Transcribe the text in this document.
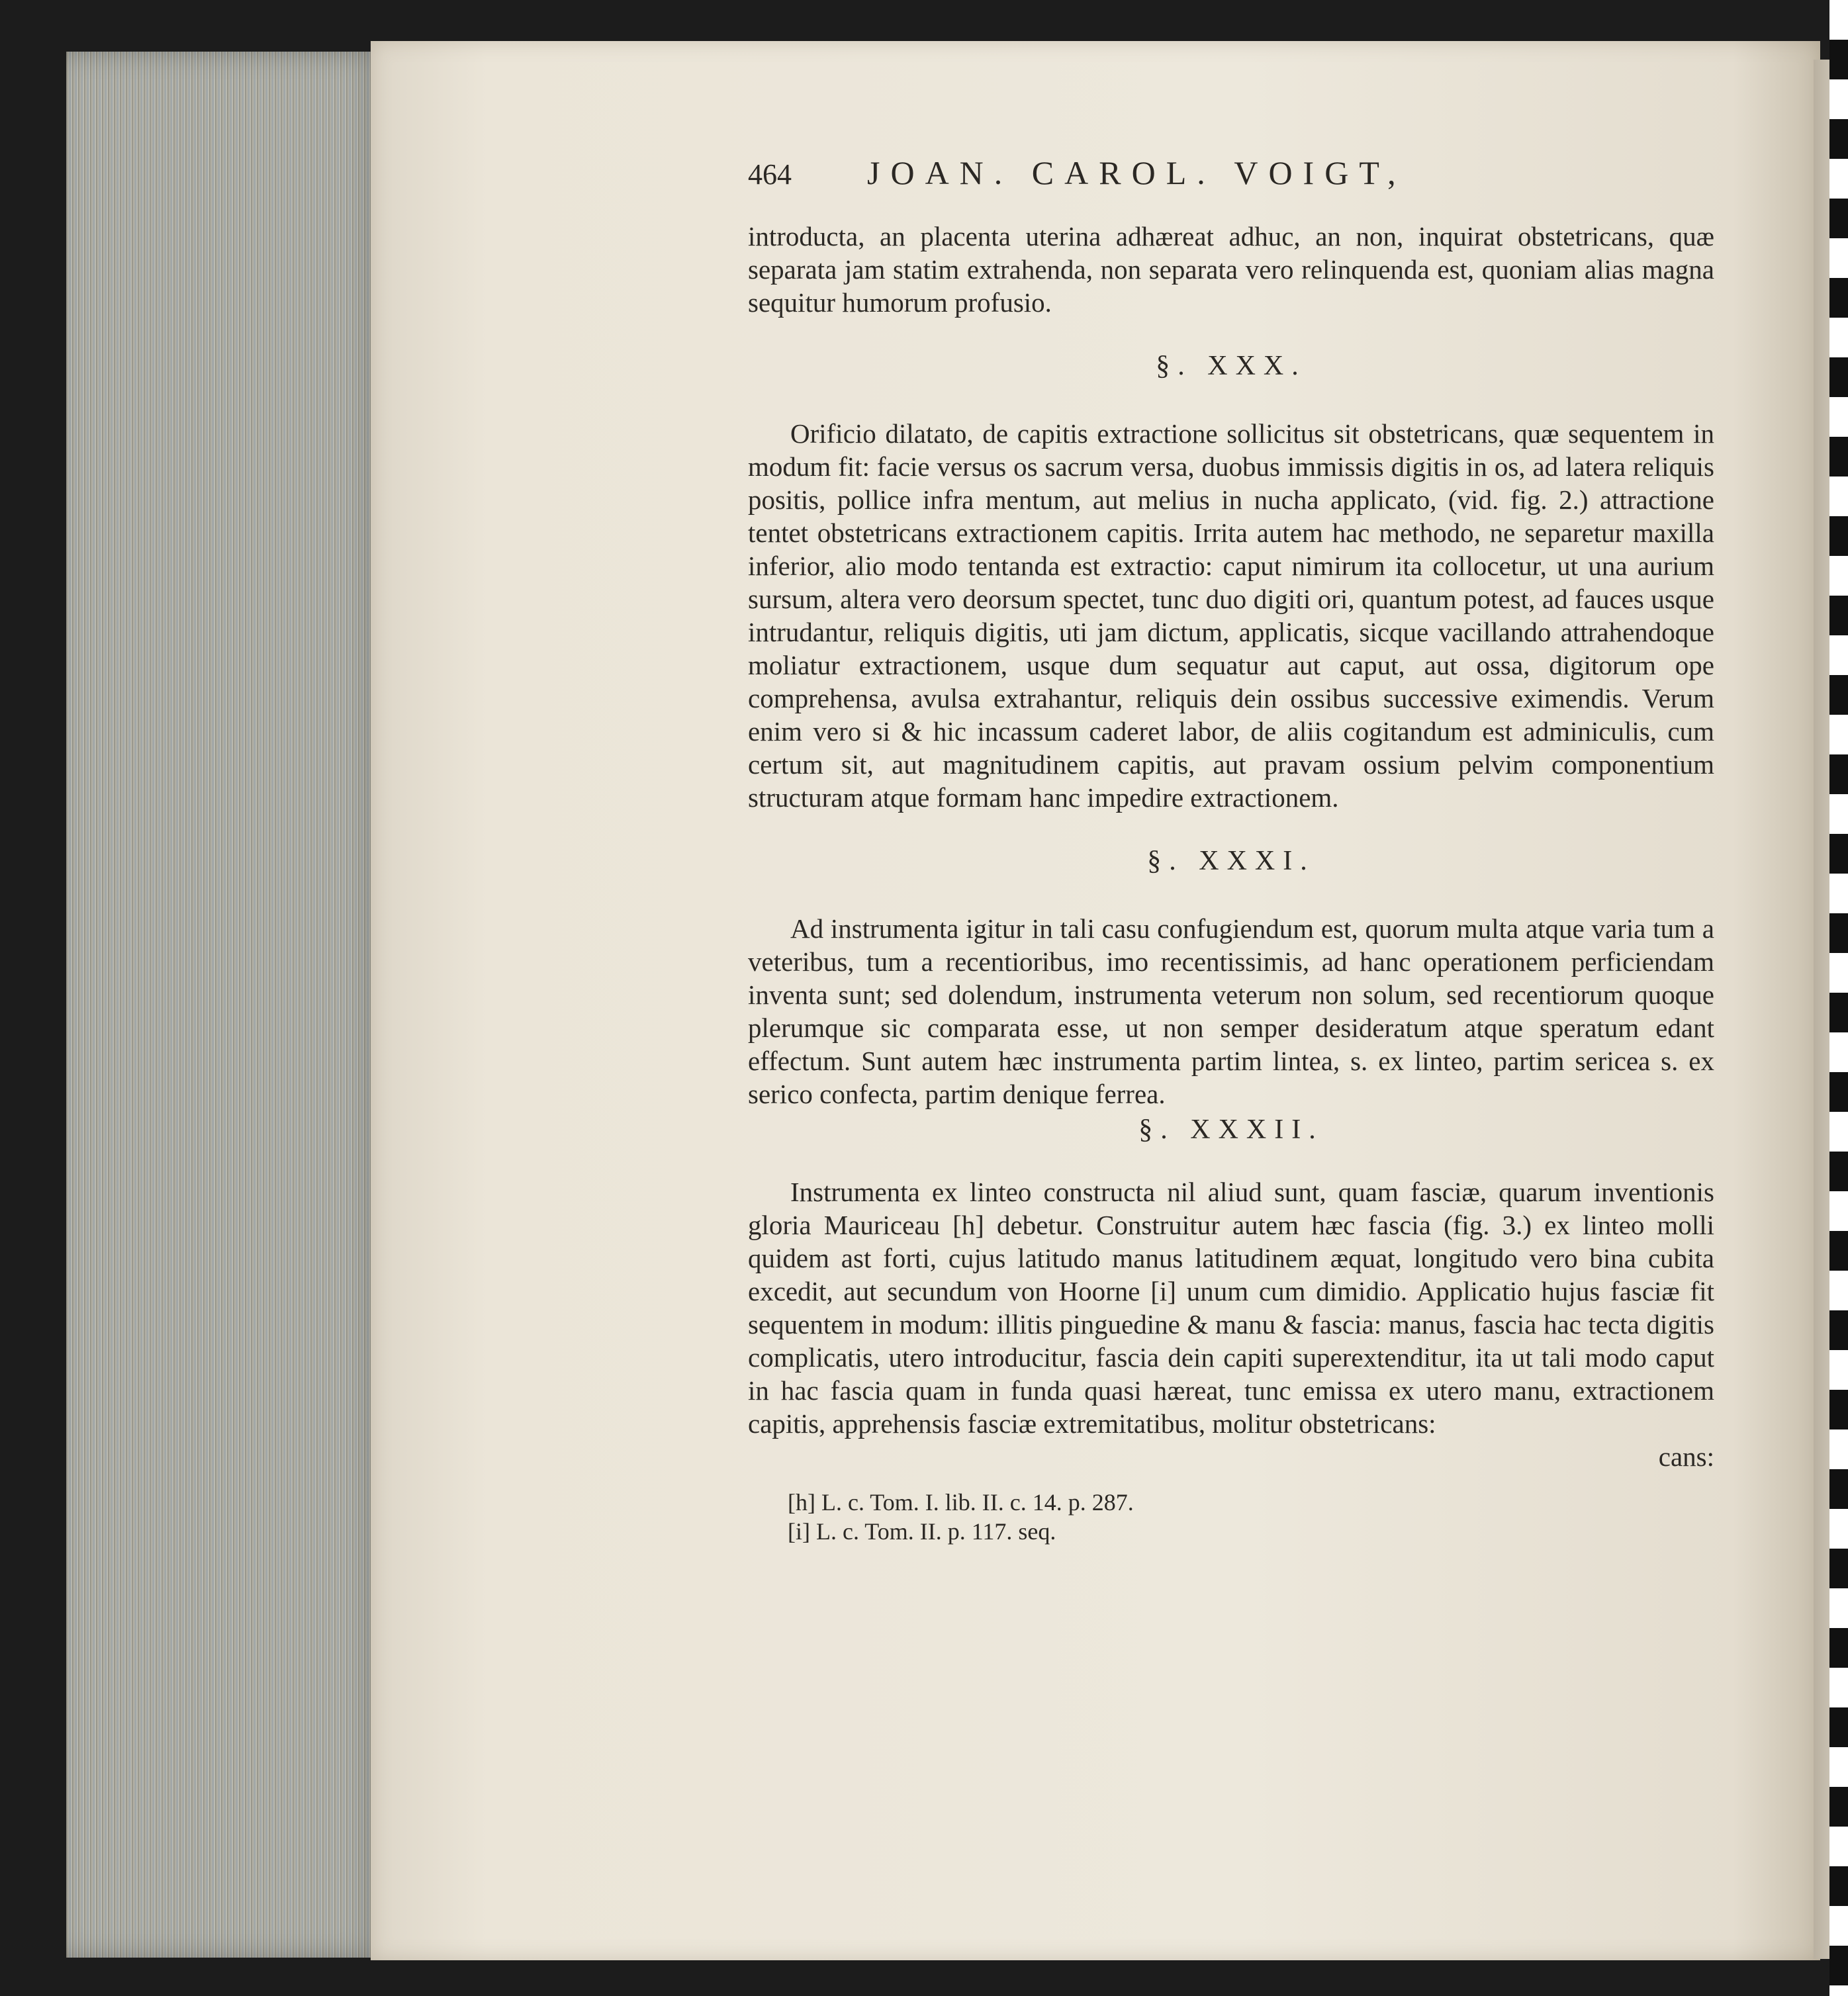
464	JOAN. CAROL. VOIGT,

introducta, an placenta uterina adhæreat adhuc, an non, inquirat obstetricans, quæ separata jam statim extrahenda, non separata vero relinquenda est, quoniam alias magna sequitur humorum profusio.

§. XXX.

Orificio dilatato, de capitis extractione sollicitus sit obstetricans, quæ sequentem in modum fit: facie versus os sacrum versa, duobus immissis digitis in os, ad latera reliquis positis, pollice infra mentum, aut melius in nucha applicato, (vid. fig. 2.) attractione tentet obstetricans extractionem capitis. Irrita autem hac methodo, ne separetur maxilla inferior, alio modo tentanda est extractio: caput nimirum ita collocetur, ut una aurium sursum, altera vero deorsum spectet, tunc duo digiti ori, quantum potest, ad fauces usque intrudantur, reliquis digitis, uti jam dictum, applicatis, sicque vacillando attrahendoque moliatur extractionem, usque dum sequatur aut caput, aut ossa, digitorum ope comprehensa, avulsa extrahantur, reliquis dein ossibus successive eximendis. Verum enim vero si & hic incassum caderet labor, de aliis cogitandum est adminiculis, cum certum sit, aut magnitudinem capitis, aut pravam ossium pelvim componentium structuram atque formam hanc impedire extractionem.

§. XXXI.

Ad instrumenta igitur in tali casu confugiendum est, quorum multa atque varia tum a veteribus, tum a recentioribus, imo recentissimis, ad hanc operationem perficiendam inventa sunt; sed dolendum, instrumenta veterum non solum, sed recentiorum quoque plerumque sic comparata esse, ut non semper desideratum atque speratum edant effectum. Sunt autem hæc instrumenta partim lintea, s. ex linteo, partim sericea s. ex serico confecta, partim denique ferrea.

§. XXXII.

Instrumenta ex linteo constructa nil aliud sunt, quam fasciæ, quarum inventionis gloria Mauriceau [h] debetur. Construitur autem hæc fascia (fig. 3.) ex linteo molli quidem ast forti, cujus latitudo manus latitudinem æquat, longitudo vero bina cubita excedit, aut secundum von Hoorne [i] unum cum dimidio. Applicatio hujus fasciæ fit sequentem in modum: illitis pinguedine & manu & fascia: manus, fascia hac tecta digitis complicatis, utero introducitur, fascia dein capiti superextenditur, ita ut tali modo caput in hac fascia quam in funda quasi hæreat, tunc emissa ex utero manu, extractionem capitis, apprehensis fasciæ extremitatibus, molitur obstetricans:

cans:

[h] L. c. Tom. I. lib. II. c. 14. p. 287.

[i] L. c. Tom. II. p. 117. seq.
